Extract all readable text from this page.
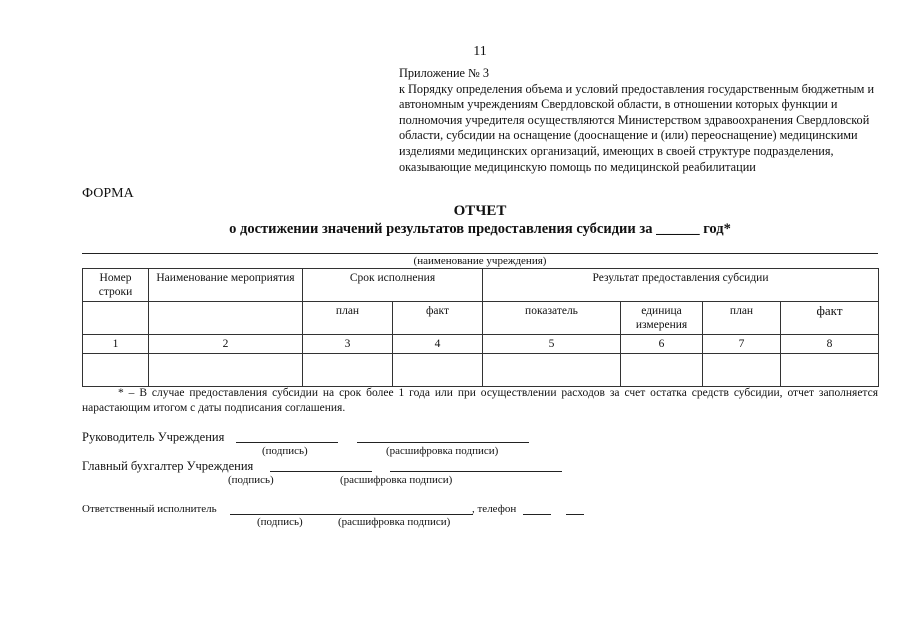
11
Приложение № 3
к Порядку определения объема и условий предоставления государственным бюджетным и автономным учреждениям Свердловской области, в отношении которых функции и полномочия учредителя осуществляются Министерством здравоохранения Свердловской области, субсидии на оснащение (дооснащение и (или) переоснащение) медицинскими изделиями медицинских организаций, имеющих в своей структуре подразделения, оказывающие медицинскую помощь по медицинской реабилитации
ФОРМА
ОТЧЕТ
о достижении значений результатов предоставления субсидии за ______ год*
(наименование учреждения)
Номер строки	Наименование мероприятия	Срок исполнения		Результат предоставления субсидии			
		план	факт	показатель	единица измерения	план	факт
1	2	3	4	5	6	7	8

* – В случае предоставления субсидии на срок более 1 года или при осуществлении расходов за счет остатка средств субсидии, отчет заполняется нарастающим итогом с даты подписания соглашения.
Руководитель Учреждения
(подпись)	(расшифровка подписи)
Главный бухгалтер Учреждения
(подпись)	(расшифровка подписи)
Ответственный исполнитель	, телефон
(подпись)	(расшифровка подписи)
